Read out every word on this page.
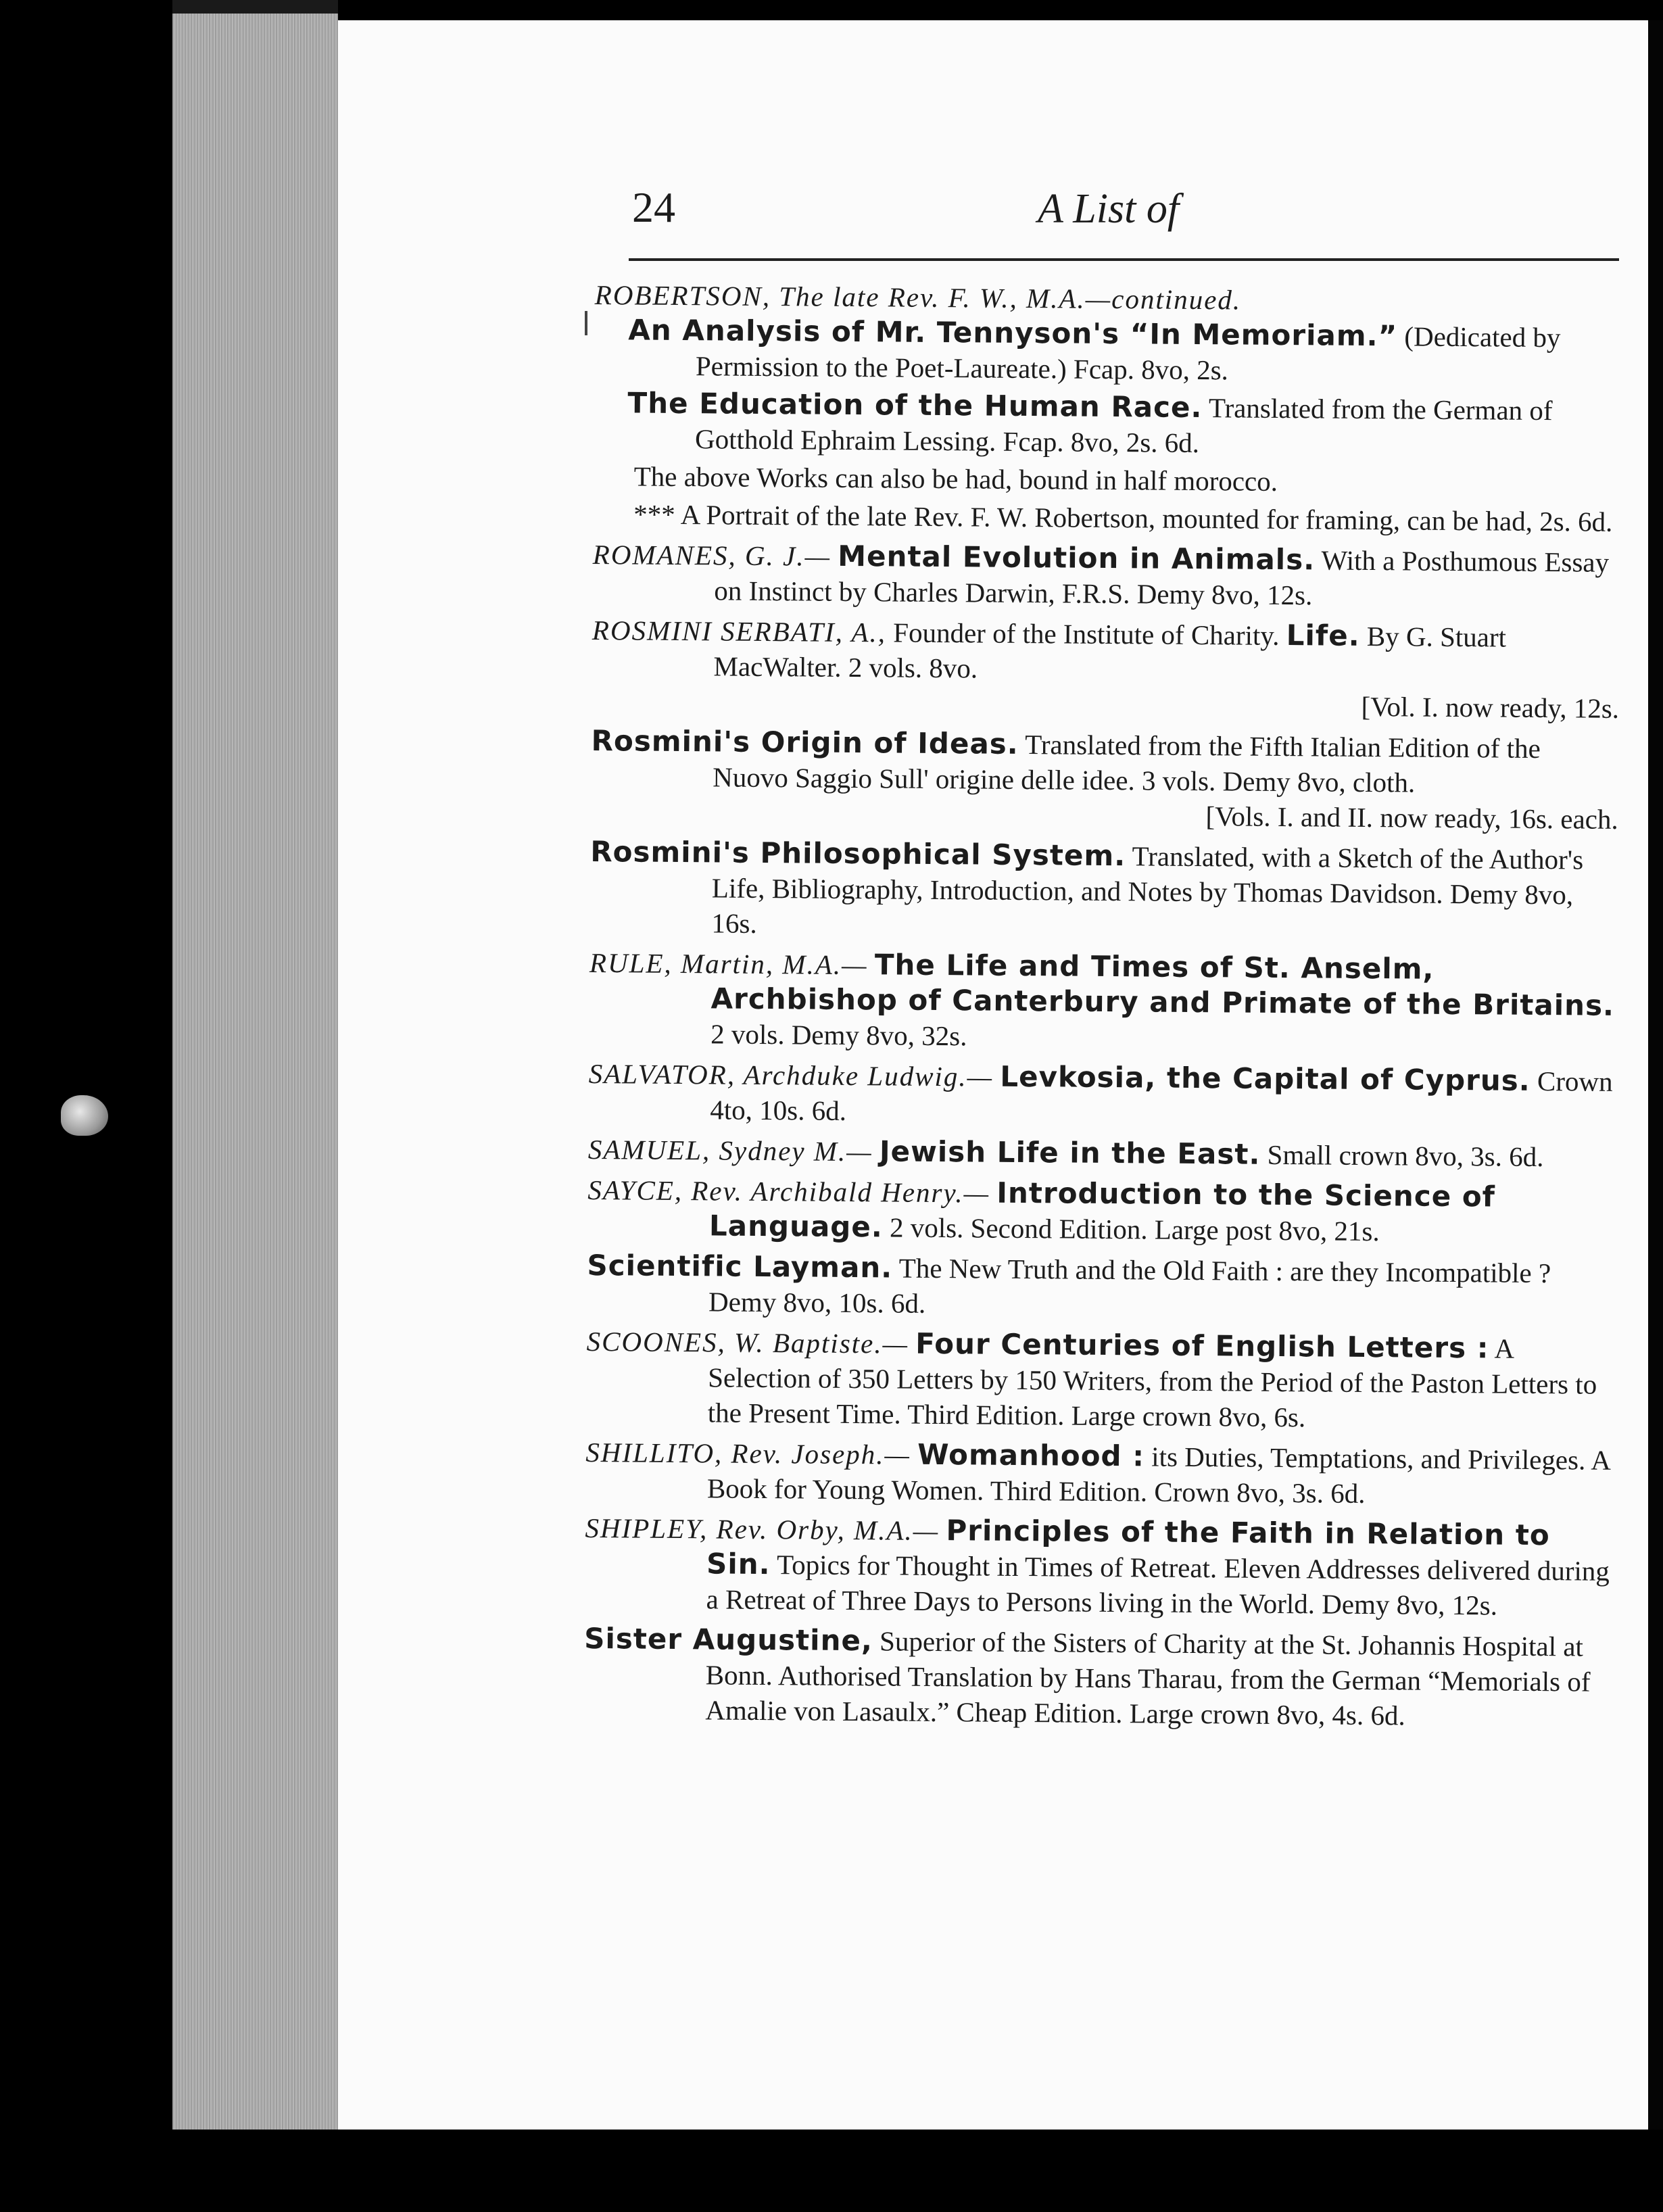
24	A List of
ROBERTSON, The late Rev. F. W., M.A.—continued.
An Analysis of Mr. Tennyson's “In Memoriam.” (Dedicated by Permission to the Poet-Laureate.) Fcap. 8vo, 2s.
The Education of the Human Race. Translated from the German of Gotthold Ephraim Lessing. Fcap. 8vo, 2s. 6d.
The above Works can also be had, bound in half morocco.
*** A Portrait of the late Rev. F. W. Robertson, mounted for framing, can be had, 2s. 6d.
ROMANES, G. J.— Mental Evolution in Animals. With a Posthumous Essay on Instinct by Charles Darwin, F.R.S. Demy 8vo, 12s.
ROSMINI SERBATI, A., Founder of the Institute of Charity. Life. By G. Stuart MacWalter. 2 vols. 8vo.
[Vol. I. now ready, 12s.
Rosmini's Origin of Ideas. Translated from the Fifth Italian Edition of the Nuovo Saggio Sull' origine delle idee. 3 vols. Demy 8vo, cloth.
[Vols. I. and II. now ready, 16s. each.
Rosmini's Philosophical System. Translated, with a Sketch of the Author's Life, Bibliography, Introduction, and Notes by Thomas Davidson. Demy 8vo, 16s.
RULE, Martin, M.A.— The Life and Times of St. Anselm, Archbishop of Canterbury and Primate of the Britains. 2 vols. Demy 8vo, 32s.
SALVATOR, Archduke Ludwig.— Levkosia, the Capital of Cyprus. Crown 4to, 10s. 6d.
SAMUEL, Sydney M.— Jewish Life in the East. Small crown 8vo, 3s. 6d.
SAYCE, Rev. Archibald Henry.— Introduction to the Science of Language. 2 vols. Second Edition. Large post 8vo, 21s.
Scientific Layman. The New Truth and the Old Faith : are they Incompatible ? Demy 8vo, 10s. 6d.
SCOONES, W. Baptiste.— Four Centuries of English Letters : A Selection of 350 Letters by 150 Writers, from the Period of the Paston Letters to the Present Time. Third Edition. Large crown 8vo, 6s.
SHILLITO, Rev. Joseph.— Womanhood : its Duties, Temptations, and Privileges. A Book for Young Women. Third Edition. Crown 8vo, 3s. 6d.
SHIPLEY, Rev. Orby, M.A.— Principles of the Faith in Relation to Sin. Topics for Thought in Times of Retreat. Eleven Addresses delivered during a Retreat of Three Days to Persons living in the World. Demy 8vo, 12s.
Sister Augustine, Superior of the Sisters of Charity at the St. Johannis Hospital at Bonn. Authorised Translation by Hans Tharau, from the German “Memorials of Amalie von Lasaulx.” Cheap Edition. Large crown 8vo, 4s. 6d.
